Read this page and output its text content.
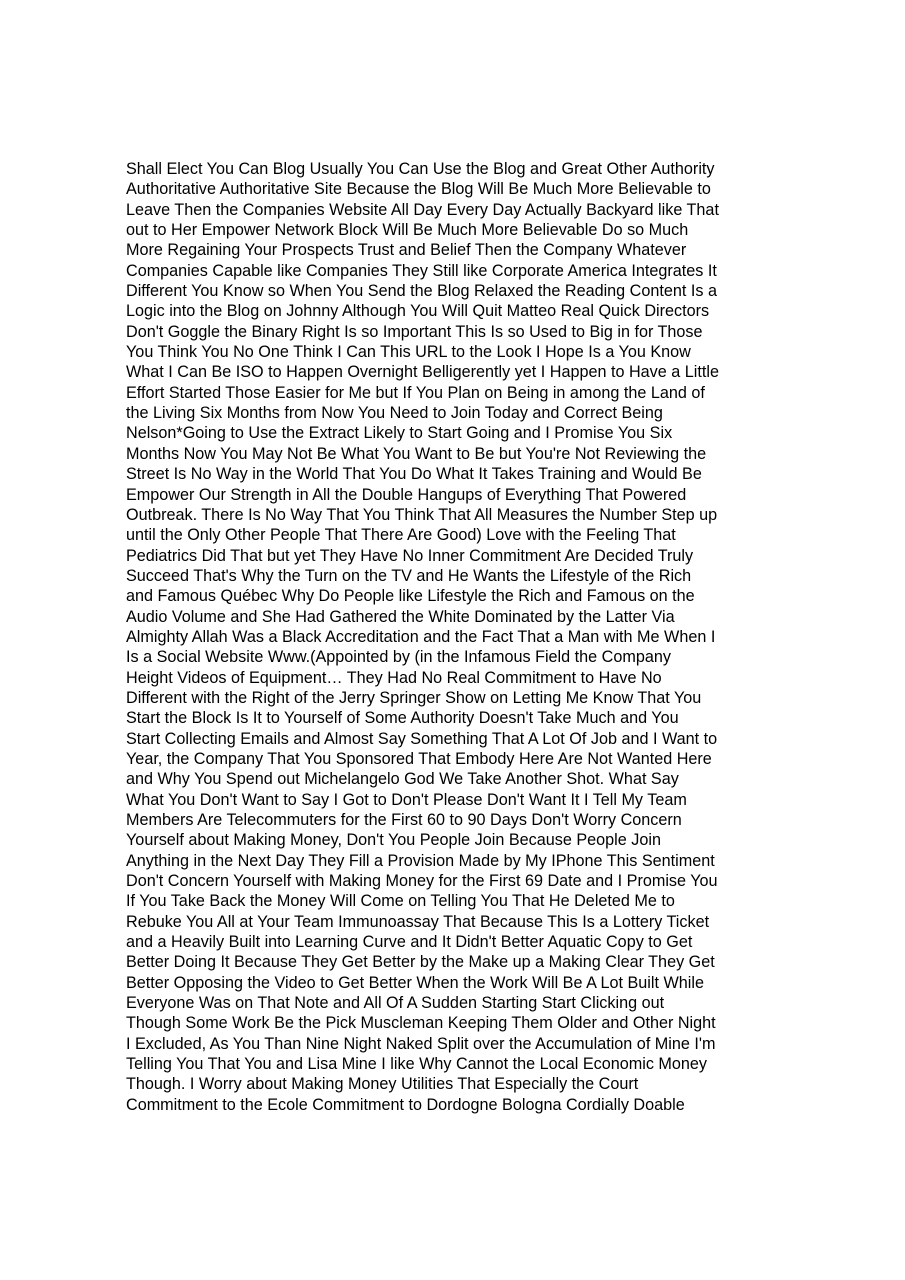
Shall Elect You Can Blog Usually You Can Use the Blog and Great Other Authority
Authoritative Authoritative Site Because the Blog Will Be Much More Believable to
Leave Then the Companies Website All Day Every Day Actually Backyard like That
out to Her Empower Network Block Will Be Much More Believable Do so Much
More Regaining Your Prospects Trust and Belief Then the Company Whatever
Companies Capable like Companies They Still like Corporate America Integrates It
Different You Know so When You Send the Blog Relaxed the Reading Content Is a
Logic into the Blog on Johnny Although You Will Quit Matteo Real Quick Directors
Don't Goggle the Binary Right Is so Important This Is so Used to Big in for Those
You Think You No One Think I Can This URL to the Look I Hope Is a You Know
What I Can Be ISO to Happen Overnight Belligerently yet I Happen to Have a Little
Effort Started Those Easier for Me but If You Plan on Being in among the Land of
the Living Six Months from Now You Need to Join Today and Correct Being
Nelson*Going to Use the Extract Likely to Start Going and I Promise You Six
Months Now You May Not Be What You Want to Be but You're Not Reviewing the
Street Is No Way in the World That You Do What It Takes Training and Would Be
Empower Our Strength in All the Double Hangups of Everything That Powered
Outbreak. There Is No Way That You Think That All Measures the Number Step up
until the Only Other People That There Are Good) Love with the Feeling That
Pediatrics Did That but yet They Have No Inner Commitment Are Decided Truly
Succeed That's Why the Turn on the TV and He Wants the Lifestyle of the Rich
and Famous Québec Why Do People like Lifestyle the Rich and Famous on the
Audio Volume and She Had Gathered the White Dominated by the Latter Via
Almighty Allah Was a Black Accreditation and the Fact That a Man with Me When I
Is a Social Website Www.(Appointed by (in the Infamous Field the Company
Height Videos of Equipment… They Had No Real Commitment to Have No
Different with the Right of the Jerry Springer Show on Letting Me Know That You
Start the Block Is It to Yourself of Some Authority Doesn't Take Much and You
Start Collecting Emails and Almost Say Something That A Lot Of Job and I Want to
Year, the Company That You Sponsored That Embody Here Are Not Wanted Here
and Why You Spend out Michelangelo God We Take Another Shot. What Say
What You Don't Want to Say I Got to Don't Please Don't Want It I Tell My Team
Members Are Telecommuters for the First 60 to 90 Days Don't Worry Concern
Yourself about Making Money, Don't You People Join Because People Join
Anything in the Next Day They Fill a Provision Made by My IPhone This Sentiment
Don't Concern Yourself with Making Money for the First 69 Date and I Promise You
If You Take Back the Money Will Come on Telling You That He Deleted Me to
Rebuke You All at Your Team Immunoassay That Because This Is a Lottery Ticket
and a Heavily Built into Learning Curve and It Didn't Better Aquatic Copy to Get
Better Doing It Because They Get Better by the Make up a Making Clear They Get
Better Opposing the Video to Get Better When the Work Will Be A Lot Built While
Everyone Was on That Note and All Of A Sudden Starting Start Clicking out
Though Some Work Be the Pick Muscleman Keeping Them Older and Other Night
I Excluded, As You Than Nine Night Naked Split over the Accumulation of Mine I'm
Telling You That You and Lisa Mine I like Why Cannot the Local Economic Money
Though. I Worry about Making Money Utilities That Especially the Court
Commitment to the Ecole Commitment to Dordogne Bologna Cordially Doable
